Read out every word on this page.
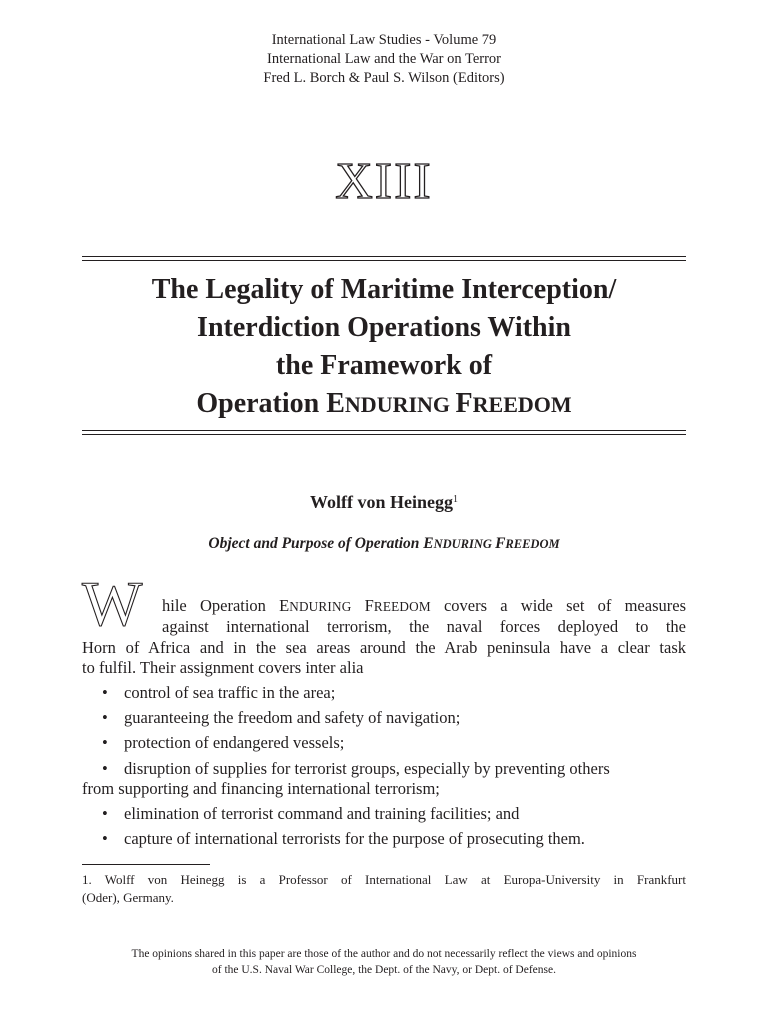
International Law Studies - Volume 79
International Law and the War on Terror
Fred L. Borch & Paul S. Wilson (Editors)
XIII
The Legality of Maritime Interception/
Interdiction Operations Within
the Framework of
Operation ENDURING FREEDOM
Wolff von Heinegg$^1$
Object and Purpose of Operation ENDURING FREEDOM
W hile Operation ENDURING FREEDOM covers a wide set of measures
against international terrorism, the naval forces deployed to the
Horn of Africa and in the sea areas around the Arab peninsula have a clear task
to fulfil. Their assignment covers inter alia
• control of sea traffic in the area;
• guaranteeing the freedom and safety of navigation;
• protection of endangered vessels;
• disruption of supplies for terrorist groups, especially by preventing others
from supporting and financing international terrorism;
• elimination of terrorist command and training facilities; and
• capture of international terrorists for the purpose of prosecuting them.
1. Wolff von Heinegg is a Professor of International Law at Europa-University in Frankfurt
(Oder), Germany.
The opinions shared in this paper are those of the author and do not necessarily reflect the views and opinions
of the U.S. Naval War College, the Dept. of the Navy, or Dept. of Defense.
